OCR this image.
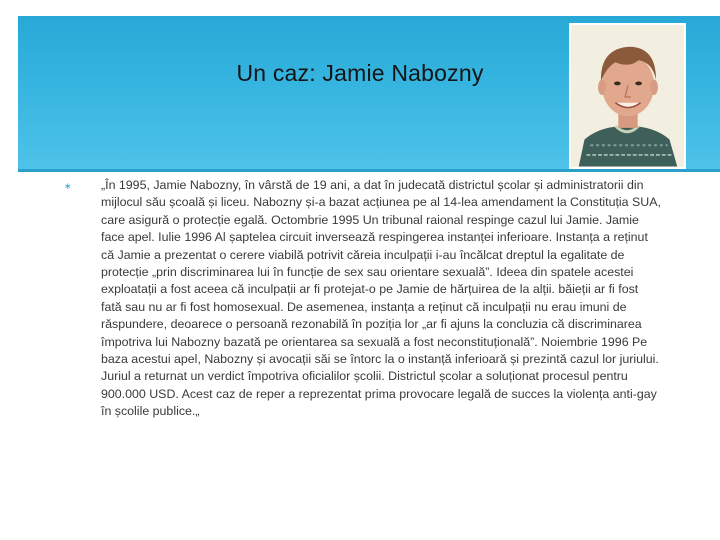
Un caz: Jamie Nabozny
∗ „În 1995, Jamie Nabozny, în vârstă de 19 ani, a dat în judecată districtul școlar și administratorii din mijlocul său școală și liceu. Nabozny și-a bazat acțiunea pe al 14-lea amendament la Constituția SUA, care asigură o protecție egală. Octombrie 1995 Un tribunal raional respinge cazul lui Jamie. Jamie face apel. Iulie 1996 Al șaptelea circuit inversează respingerea instanței inferioare. Instanța a reținut că Jamie a prezentat o cerere viabilă potrivit căreia inculpații i-au încălcat dreptul la egalitate de protecție „prin discriminarea lui în funcție de sex sau orientare sexuală”. Ideea din spatele acestei exploatații a fost aceea că inculpații ar fi protejat-o pe Jamie de hărțuirea de la alții. băieții ar fi fost fată sau nu ar fi fost homosexual. De asemenea, instanța a reținut că inculpații nu erau imuni de răspundere, deoarece o persoană rezonabilă în poziția lor „ar fi ajuns la concluzia că discriminarea împotriva lui Nabozny bazată pe orientarea sa sexuală a fost neconstituțională”. Noiembrie 1996 Pe baza acestui apel, Nabozny și avocații săi se întorc la o instanță inferioară și prezintă cazul lor juriului. Juriul a returnat un verdict împotriva oficialilor școlii. Districtul școlar a soluționat procesul pentru 900.000 USD. Acest caz de reper a reprezentat prima provocare legală de succes la violența anti-gay în școlile publice.„
